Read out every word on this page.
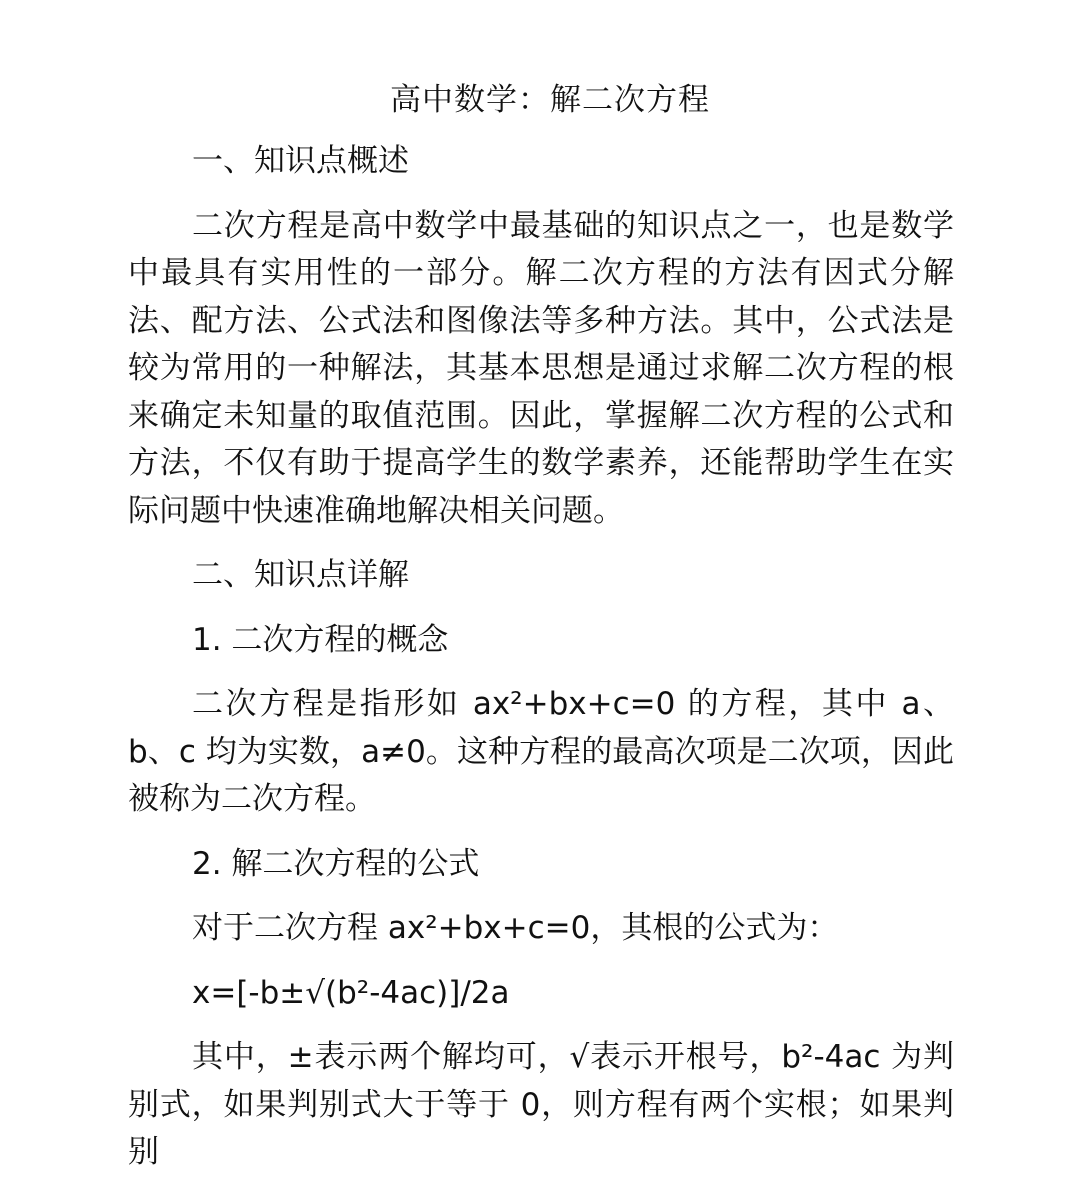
高中数学：解二次方程
一、知识点概述

二次方程是高中数学中最基础的知识点之一，也是数学中最具有实用性的一部分。解二次方程的方法有因式分解法、配方法、公式法和图像法等多种方法。其中，公式法是较为常用的一种解法，其基本思想是通过求解二次方程的根来确定未知量的取值范围。因此，掌握解二次方程的公式和方法，不仅有助于提高学生的数学素养，还能帮助学生在实际问题中快速准确地解决相关问题。

二、知识点详解
1. 二次方程的概念

二次方程是指形如 ax²+bx+c=0 的方程，其中 a、b、c 均为实数，a≠0。这种方程的最高次项是二次项，因此被称为二次方程。

2. 解二次方程的公式
对于二次方程 ax²+bx+c=0，其根的公式为：
x=[-b±√(b²-4ac)]/2a

其中，±表示两个解均可，√表示开根号，b²-4ac 为判别式，如果判别式大于等于 0，则方程有两个实根；如果判别
